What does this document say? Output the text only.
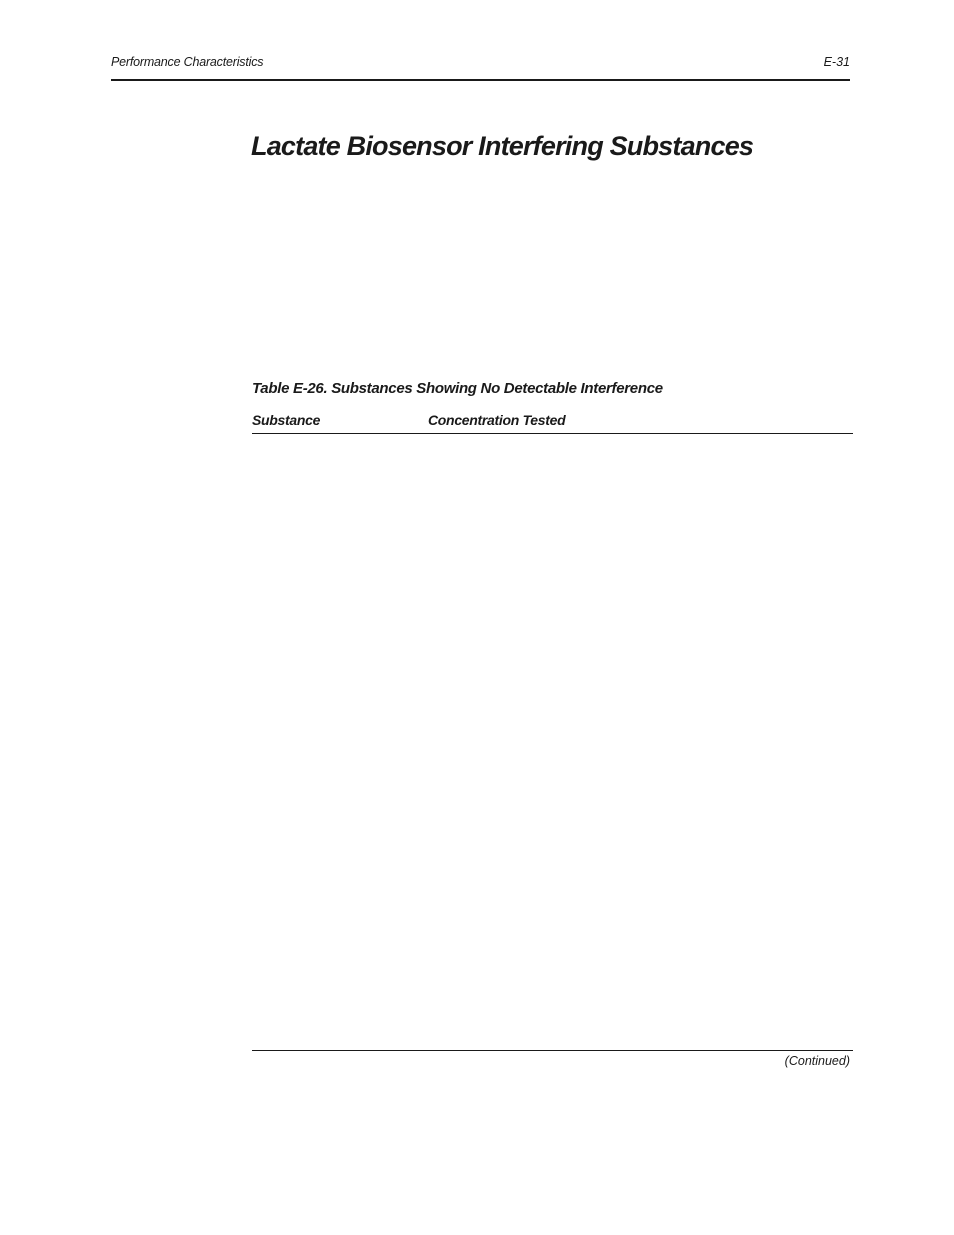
Performance Characteristics	E-31
Lactate Biosensor Interfering Substances
Table E-26. Substances Showing No Detectable Interference
Substance	Concentration Tested
(Continued)
